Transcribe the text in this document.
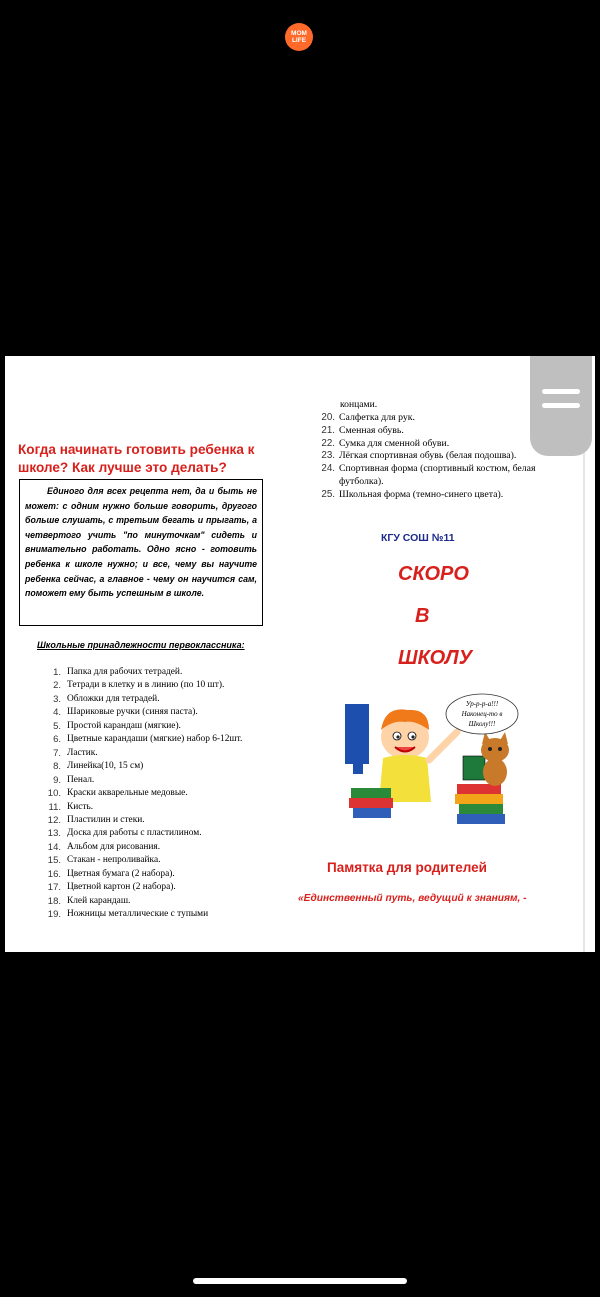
MOM
LIFE
Когда начинать готовить ребенка к школе? Как лучше это делать?

Единого для всех рецепта нет, да и быть не может: с одним нужно больше говорить, другого больше слушать, с третьим бегать и прыгать, а четвертого учить "по минуточкам" сидеть и внимательно работать. Одно ясно - готовить ребенка к школе нужно; и все, чему вы научите ребенка сейчас, а главное - чему он научится сам, поможет ему быть успешным в школе.

Школьные принадлежности первоклассника:
1. Папка для рабочих тетрадей.
2. Тетради в клетку и в линию (по 10 шт).
3. Обложки для тетрадей.
4. Шариковые ручки (синяя паста).
5. Простой карандаш (мягкие).
6. Цветные карандаши (мягкие) набор 6-12шт.
7. Ластик.
8. Линейка(10, 15 см)
9. Пенал.
10. Краски акварельные медовые.
11. Кисть.
12. Пластилин и стеки.
13. Доска для работы с пластилином.
14. Альбом для рисования.
15. Стакан - непроливайка.
16. Цветная бумага (2 набора).
17. Цветной картон (2 набора).
18. Клей карандаш.
19. Ножницы металлические с тупыми
концами.
20. Салфетка для рук.
21. Сменная обувь.
22. Сумка для сменной обуви.
23. Лёгкая спортивная обувь (белая подошва).
24. Спортивная форма (спортивный костюм, белая футболка).
25. Школьная форма (темно-синего цвета).
КГУ СОШ №11
СКОРО
В
ШКОЛУ
Ур-р-р-а!!!
Наконец-то в
Школу!!!
Памятка для родителей
«Единственный путь, ведущий к знаниям, -
